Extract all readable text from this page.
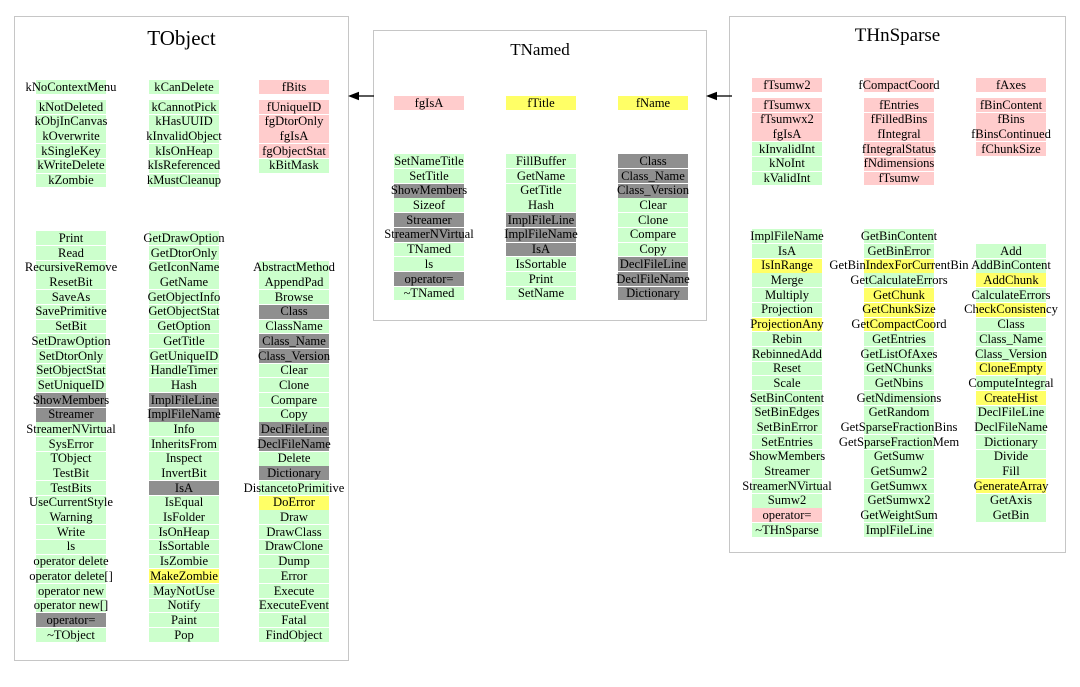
TObject
kNoContextMenu
kNotDeleted
kObjInCanvas
kOverwrite
kSingleKey
kWriteDelete
kZombie
kCanDelete
kCannotPick
kHasUUID
kInvalidObject
kIsOnHeap
kIsReferenced
kMustCleanup
fBits
fUniqueID
fgDtorOnly
fgIsA
fgObjectStat
kBitMask
Print
Read
RecursiveRemove
ResetBit
SaveAs
SavePrimitive
SetBit
SetDrawOption
SetDtorOnly
SetObjectStat
SetUniqueID
ShowMembers
Streamer
StreamerNVirtual
SysError
TObject
TestBit
TestBits
UseCurrentStyle
Warning
Write
ls
operator delete
operator delete[]
operator new
operator new[]
operator=
~TObject
GetDrawOption
GetDtorOnly
GetIconName
GetName
GetObjectInfo
GetObjectStat
GetOption
GetTitle
GetUniqueID
HandleTimer
Hash
ImplFileLine
ImplFileName
Info
InheritsFrom
Inspect
InvertBit
IsA
IsEqual
IsFolder
IsOnHeap
IsSortable
IsZombie
MakeZombie
MayNotUse
Notify
Paint
Pop
AbstractMethod
AppendPad
Browse
Class
ClassName
Class_Name
Class_Version
Clear
Clone
Compare
Copy
DeclFileLine
DeclFileName
Delete
Dictionary
DistancetoPrimitive
DoError
Draw
DrawClass
DrawClone
Dump
Error
Execute
ExecuteEvent
Fatal
FindObject
TNamed
fgIsA	fTitle	fName
SetNameTitle
SetTitle
ShowMembers
Sizeof
Streamer
StreamerNVirtual
TNamed
ls
operator=
~TNamed
FillBuffer
GetName
GetTitle
Hash
ImplFileLine
ImplFileName
IsA
IsSortable
Print
SetName
Class
Class_Name
Class_Version
Clear
Clone
Compare
Copy
DeclFileLine
DeclFileName
Dictionary
THnSparse
fTsumw2
fTsumwx
fTsumwx2
fgIsA
kInvalidInt
kNoInt
kValidInt
fCompactCoord
fEntries
fFilledBins
fIntegral
fIntegralStatus
fNdimensions
fTsumw
fAxes
fBinContent
fBins
fBinsContinued
fChunkSize
ImplFileName
IsA
IsInRange
Merge
Multiply
Projection
ProjectionAny
Rebin
RebinnedAdd
Reset
Scale
SetBinContent
SetBinEdges
SetBinError
SetEntries
ShowMembers
Streamer
StreamerNVirtual
Sumw2
operator=
~THnSparse
GetBinContent
GetBinError
GetBinIndexForCurrentBin
GetCalculateErrors
GetChunk
GetChunkSize
GetCompactCoord
GetEntries
GetListOfAxes
GetNChunks
GetNbins
GetNdimensions
GetRandom
GetSparseFractionBins
GetSparseFractionMem
GetSumw
GetSumw2
GetSumwx
GetSumwx2
GetWeightSum
ImplFileLine
Add
AddBinContent
AddChunk
CalculateErrors
CheckConsistency
Class
Class_Name
Class_Version
CloneEmpty
ComputeIntegral
CreateHist
DeclFileLine
DeclFileName
Dictionary
Divide
Fill
GenerateArray
GetAxis
GetBin
